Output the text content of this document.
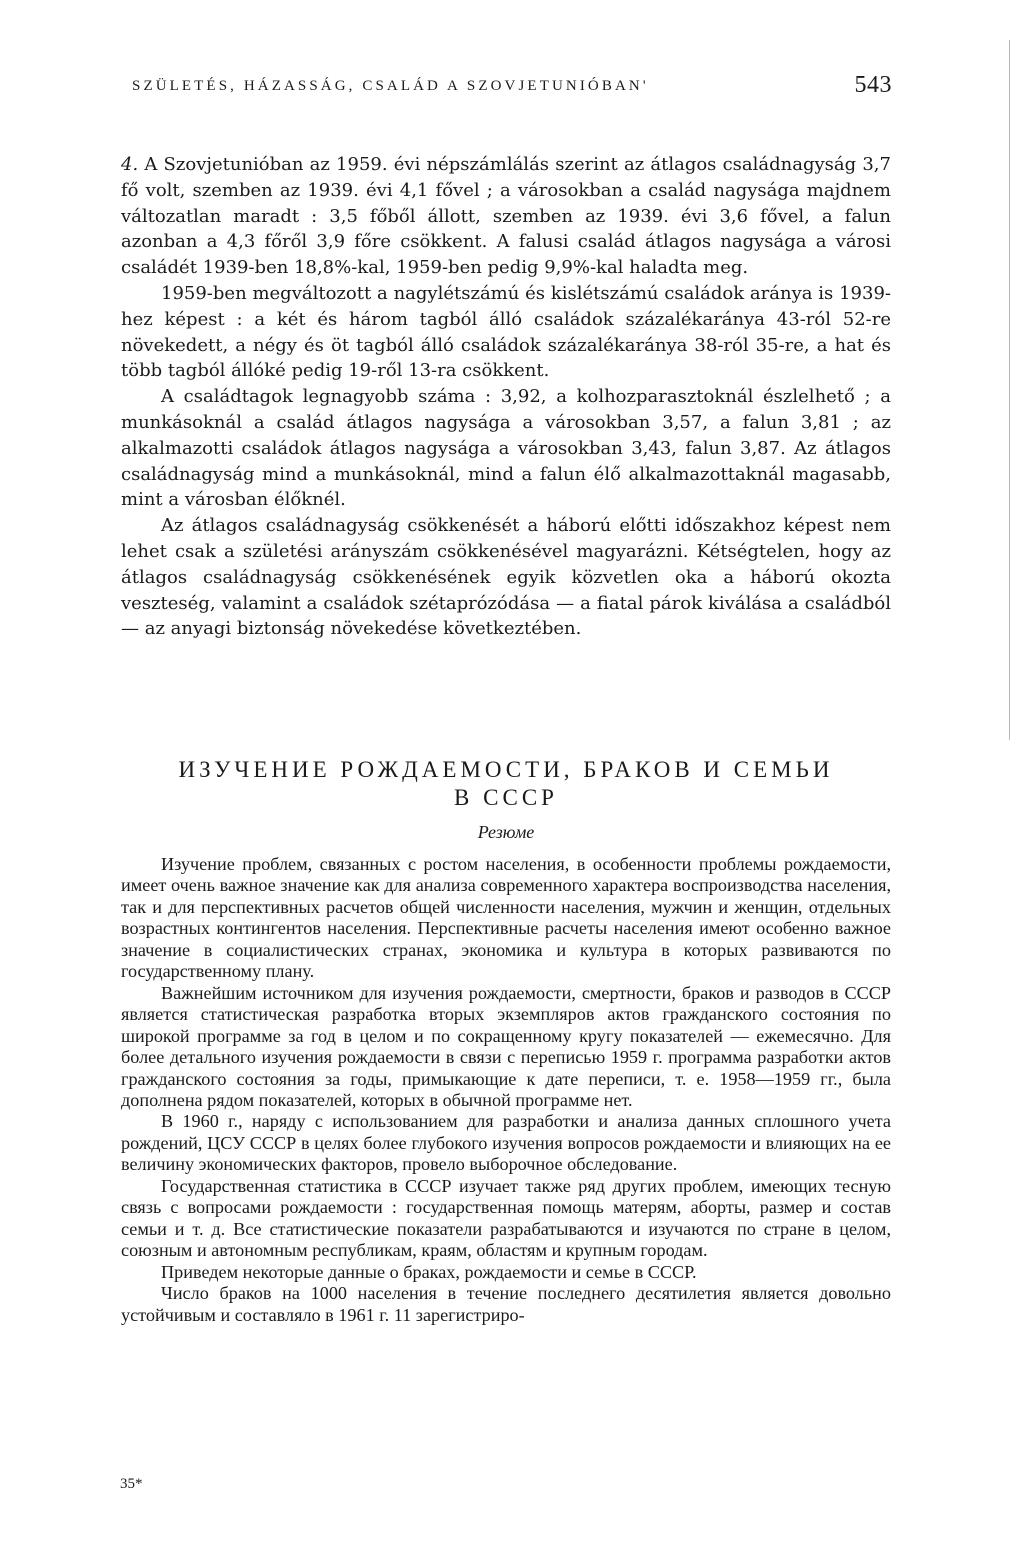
SZÜLETÉS, HÁZASSÁG, CSALÁD A SZOVJETUNIÓBAN'	543

4. A Szovjetunióban az 1959. évi népszámlálás szerint az átlagos családnagyság 3,7 fő volt, szemben az 1939. évi 4,1 fővel ; a városokban a család nagysága majdnem változatlan maradt : 3,5 főből állott, szemben az 1939. évi 3,6 fővel, a falun azonban a 4,3 főről 3,9 főre csökkent. A falusi család átlagos nagysága a városi családét 1939-ben 18,8%-kal, 1959-ben pedig 9,9%-kal haladta meg.

1959-ben megváltozott a nagylétszámú és kislétszámú családok aránya is 1939-hez képest : a két és három tagból álló családok százalékaránya 43-ról 52-re növekedett, a négy és öt tagból álló családok százalékaránya 38-ról 35-re, a hat és több tagból állóké pedig 19-ről 13-ra csökkent.

A családtagok legnagyobb száma : 3,92, a kolhozparasztoknál észlelhető ; a munkásoknál a család átlagos nagysága a városokban 3,57, a falun 3,81 ; az alkalmazotti családok átlagos nagysága a városokban 3,43, falun 3,87. Az átlagos családnagyság mind a munkásoknál, mind a falun élő alkalmazottaknál magasabb, mint a városban élőknél.

Az átlagos családnagyság csökkenését a háború előtti időszakhoz képest nem lehet csak a születési arányszám csökkenésével magyarázni. Kétségtelen, hogy az átlagos családnagyság csökkenésének egyik közvetlen oka a háború okozta veszteség, valamint a családok szétaprózódása — a fiatal párok kiválása a családból — az anyagi biztonság növekedése következtében.

ИЗУЧЕНИЕ РОЖДАЕМОСТИ, БРАКОВ И СЕМЬИ
В СССР
Резюме

Изучение проблем, связанных с ростом населения, в особенности проблемы рождаемости, имеет очень важное значение как для анализа современного характера воспроизводства населения, так и для перспективных расчетов общей численности населения, мужчин и женщин, отдельных возрастных контингентов населения. Перспективные расчеты населения имеют особенно важное значение в социалистических странах, экономика и культура в которых развиваются по государственному плану.

Важнейшим источником для изучения рождаемости, смертности, браков и разводов в СССР является статистическая разработка вторых экземпляров актов гражданского состояния по широкой программе за год в целом и по сокращенному кругу показателей — ежемесячно. Для более детального изучения рождаемости в связи с переписью 1959 г. программа разработки актов гражданского состояния за годы, примыкающие к дате переписи, т. е. 1958—1959 гг., была дополнена рядом показателей, которых в обычной программе нет.

В 1960 г., наряду с использованием для разработки и анализа данных сплошного учета рождений, ЦСУ СССР в целях более глубокого изучения вопросов рождаемости и влияющих на ее величину экономических факторов, провело выборочное обследование.

Государственная статистика в СССР изучает также ряд других проблем, имеющих тесную связь с вопросами рождаемости : государственная помощь матерям, аборты, размер и состав семьи и т. д. Все статистические показатели разрабатываются и изучаются по стране в целом, союзным и автономным республикам, краям, областям и крупным городам.

Приведем некоторые данные о браках, рождаемости и семье в СССР.

Число браков на 1000 населения в течение последнего десятилетия является довольно устойчивым и составляло в 1961 г. 11 зарегистриро-

35*
